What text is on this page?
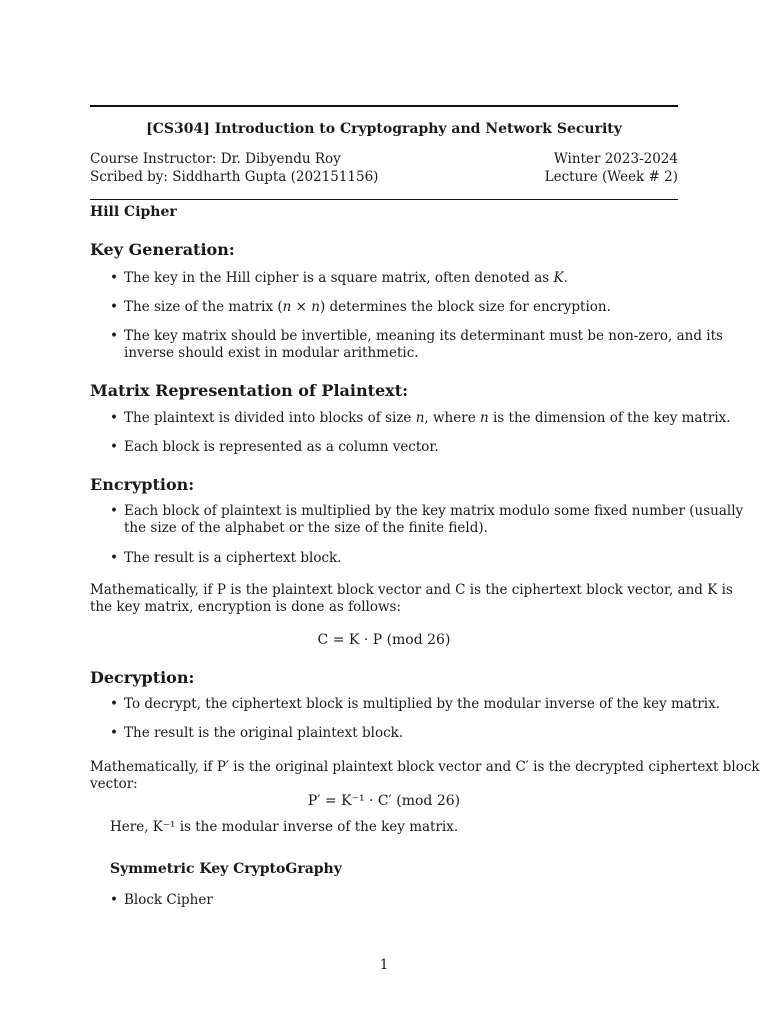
[CS304] Introduction to Cryptography and Network Security
Course Instructor: Dr. Dibyendu Roy	Winter 2023-2024
Scribed by: Siddharth Gupta (202151156)	Lecture (Week # 2)
Hill Cipher
Key Generation:
• The key in the Hill cipher is a square matrix, often denoted as K.
• The size of the matrix (n × n) determines the block size for encryption.
• The key matrix should be invertible, meaning its determinant must be non-zero, and its
inverse should exist in modular arithmetic.
Matrix Representation of Plaintext:
• The plaintext is divided into blocks of size n, where n is the dimension of the key matrix.
• Each block is represented as a column vector.
Encryption:
• Each block of plaintext is multiplied by the key matrix modulo some fixed number (usually
the size of the alphabet or the size of the finite field).
• The result is a ciphertext block.
Mathematically, if P is the plaintext block vector and C is the ciphertext block vector, and K is
the key matrix, encryption is done as follows:
C = K · P (mod 26)
Decryption:
• To decrypt, the ciphertext block is multiplied by the modular inverse of the key matrix.
• The result is the original plaintext block.
Mathematically, if P′ is the original plaintext block vector and C′ is the decrypted ciphertext block
vector:
P′ = K⁻¹ · C′ (mod 26)
Here, K⁻¹ is the modular inverse of the key matrix.
Symmetric Key CryptoGraphy
• Block Cipher
1
